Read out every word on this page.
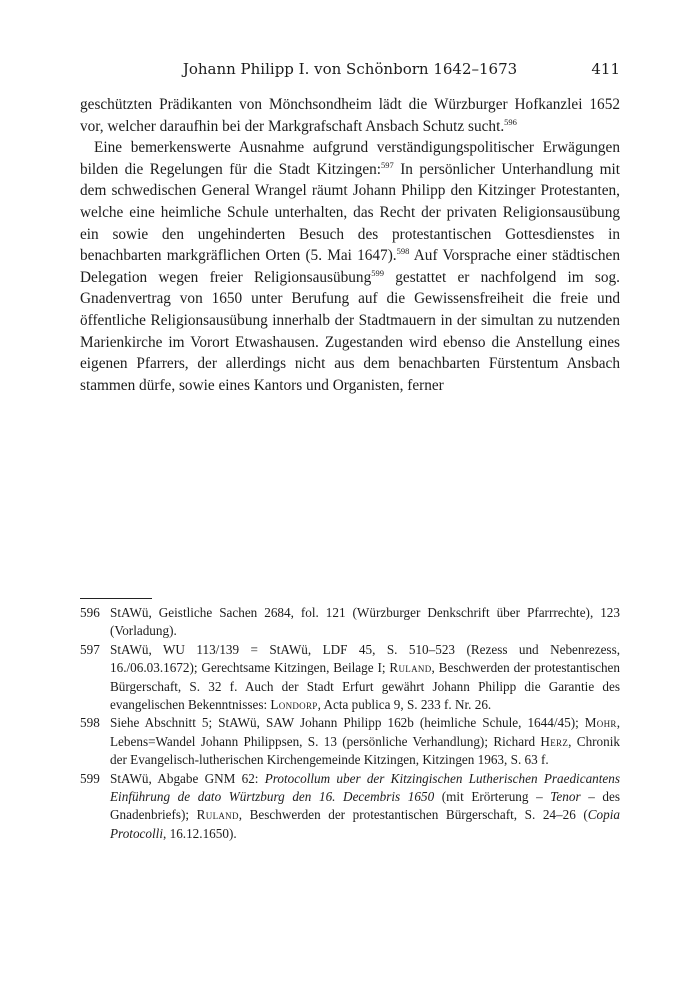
Johann Philipp I. von Schönborn 1642–1673	411

geschützten Prädikanten von Mönchsondheim lädt die Würzburger Hofkanzlei 1652 vor, welcher daraufhin bei der Markgrafschaft Ansbach Schutz sucht.$^{596}$

Eine bemerkenswerte Ausnahme aufgrund verständigungspolitischer Erwägungen bilden die Regelungen für die Stadt Kitzingen:$^{597}$ In persönlicher Unterhandlung mit dem schwedischen General Wrangel räumt Johann Philipp den Kitzinger Protestanten, welche eine heimliche Schule unterhalten, das Recht der privaten Religionsausübung ein sowie den ungehinderten Besuch des protestantischen Gottesdienstes in benachbarten markgräflichen Orten (5. Mai 1647).$^{598}$ Auf Vorsprache einer städtischen Delegation wegen freier Religionsausübung$^{599}$ gestattet er nachfolgend im sog. Gnadenvertrag von 1650 unter Berufung auf die Gewissensfreiheit die freie und öffentliche Religionsausübung innerhalb der Stadtmauern in der simultan zu nutzenden Marienkirche im Vorort Etwashausen. Zugestanden wird ebenso die Anstellung eines eigenen Pfarrers, der allerdings nicht aus dem benachbarten Fürstentum Ansbach stammen dürfe, sowie eines Kantors und Organisten, ferner

596 StAWü, Geistliche Sachen 2684, fol. 121 (Würzburger Denkschrift über Pfarrrechte), 123 (Vorladung).
597 StAWü, WU 113/139 = StAWü, LDF 45, S. 510–523 (Rezess und Nebenrezess, 16./06.03.1672); Gerechtsame Kitzingen, Beilage I; Ruland, Beschwerden der protestantischen Bürgerschaft, S. 32 f. Auch der Stadt Erfurt gewährt Johann Philipp die Garantie des evangelischen Bekenntnisses: Londorp, Acta publica 9, S. 233 f. Nr. 26.
598 Siehe Abschnitt 5; StAWü, SAW Johann Philipp 162b (heimliche Schule, 1644/45); Mohr, Lebens=Wandel Johann Philippsen, S. 13 (persönliche Verhandlung); Richard Herz, Chronik der Evangelisch-lutherischen Kirchengemeinde Kitzingen, Kitzingen 1963, S. 63 f.
599 StAWü, Abgabe GNM 62: Protocollum uber der Kitzingischen Lutherischen Praedicantens Einführung de dato Würtzburg den 16. Decembris 1650 (mit Erörterung – Tenor – des Gnadenbriefs); Ruland, Beschwerden der protestantischen Bürgerschaft, S. 24–26 (Copia Protocolli, 16.12.1650).
